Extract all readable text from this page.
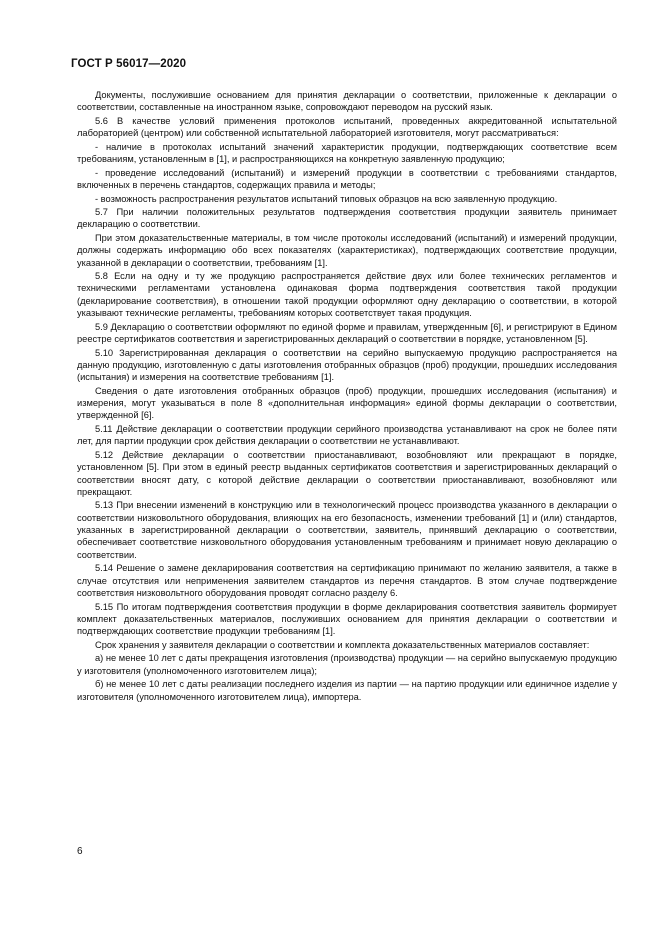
ГОСТ Р 56017—2020

Документы, послужившие основанием для принятия декларации о соответствии, приложенные к декларации о соответствии, составленные на иностранном языке, сопровождают переводом на русский язык.

5.6 В качестве условий применения протоколов испытаний, проведенных аккредитованной испытательной лабораторией (центром) или собственной испытательной лабораторией изготовителя, могут рассматриваться:

- наличие в протоколах испытаний значений характеристик продукции, подтверждающих соответствие всем требованиям, установленным в [1], и распространяющихся на конкретную заявленную продукцию;

- проведение исследований (испытаний) и измерений продукции в соответствии с требованиями стандартов, включенных в перечень стандартов, содержащих правила и методы;

- возможность распространения результатов испытаний типовых образцов на всю заявленную продукцию.

5.7 При наличии положительных результатов подтверждения соответствия продукции заявитель принимает декларацию о соответствии.

При этом доказательственные материалы, в том числе протоколы исследований (испытаний) и измерений продукции, должны содержать информацию обо всех показателях (характеристиках), подтверждающих соответствие продукции, указанной в декларации о соответствии, требованиям [1].

5.8 Если на одну и ту же продукцию распространяется действие двух или более технических регламентов и техническими регламентами установлена одинаковая форма подтверждения соответствия такой продукции (декларирование соответствия), в отношении такой продукции оформляют одну декларацию о соответствии, в которой указывают технические регламенты, требованиям которых соответствует такая продукция.

5.9 Декларацию о соответствии оформляют по единой форме и правилам, утвержденным [6], и регистрируют в Едином реестре сертификатов соответствия и зарегистрированных деклараций о соответствии в порядке, установленном [5].

5.10 Зарегистрированная декларация о соответствии на серийно выпускаемую продукцию распространяется на данную продукцию, изготовленную с даты изготовления отобранных образцов (проб) продукции, прошедших исследования (испытания) и измерения на соответствие требованиям [1].

Сведения о дате изготовления отобранных образцов (проб) продукции, прошедших исследования (испытания) и измерения, могут указываться в поле 8 «дополнительная информация» единой формы декларации о соответствии, утвержденной [6].

5.11 Действие декларации о соответствии продукции серийного производства устанавливают на срок не более пяти лет, для партии продукции срок действия декларации о соответствии не устанавливают.

5.12 Действие декларации о соответствии приостанавливают, возобновляют или прекращают в порядке, установленном [5]. При этом в единый реестр выданных сертификатов соответствия и зарегистрированных деклараций о соответствии вносят дату, с которой действие декларации о соответствии приостанавливают, возобновляют или прекращают.

5.13 При внесении изменений в конструкцию или в технологический процесс производства указанного в декларации о соответствии низковольтного оборудования, влияющих на его безопасность, изменении требований [1] и (или) стандартов, указанных в зарегистрированной декларации о соответствии, заявитель, принявший декларацию о соответствии, обеспечивает соответствие низковольтного оборудования установленным требованиям и принимает новую декларацию о соответствии.

5.14 Решение о замене декларирования соответствия на сертификацию принимают по желанию заявителя, а также в случае отсутствия или неприменения заявителем стандартов из перечня стандартов. В этом случае подтверждение соответствия низковольтного оборудования проводят согласно разделу 6.

5.15 По итогам подтверждения соответствия продукции в форме декларирования соответствия заявитель формирует комплект доказательственных материалов, послуживших основанием для принятия декларации о соответствии и подтверждающих соответствие продукции требованиям [1].

Срок хранения у заявителя декларации о соответствии и комплекта доказательственных материалов составляет:

а) не менее 10 лет с даты прекращения изготовления (производства) продукции — на серийно выпускаемую продукцию у изготовителя (уполномоченного изготовителем лица);

б) не менее 10 лет с даты реализации последнего изделия из партии — на партию продукции или единичное изделие у изготовителя (уполномоченного изготовителем лица), импортера.

6
